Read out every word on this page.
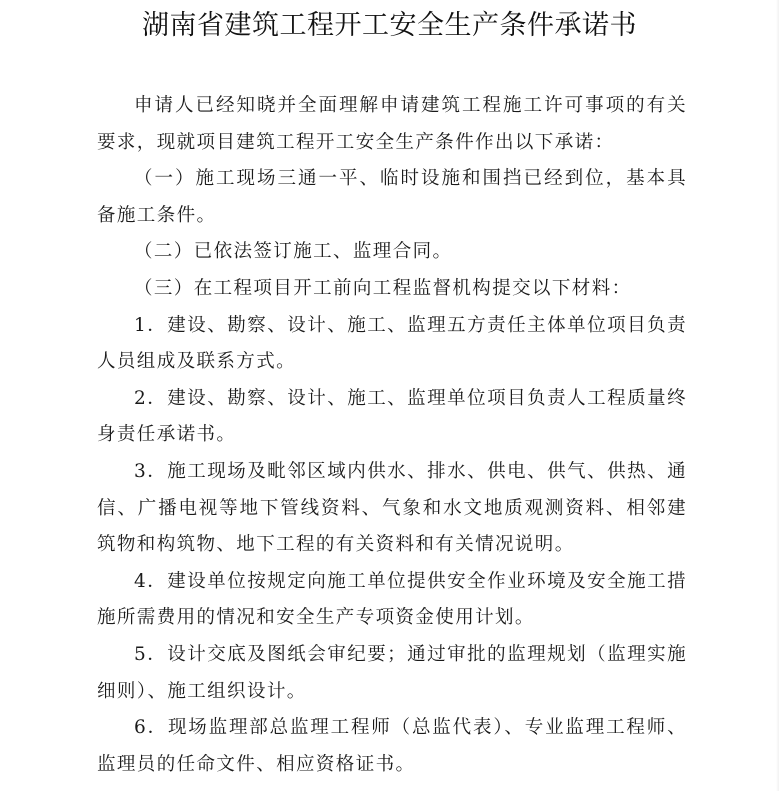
湖南省建筑工程开工安全生产条件承诺书

申请人已经知晓并全面理解申请建筑工程施工许可事项的有关要求，现就项目建筑工程开工安全生产条件作出以下承诺：

（一）施工现场三通一平、临时设施和围挡已经到位，基本具备施工条件。

（二）已依法签订施工、监理合同。

（三）在工程项目开工前向工程监督机构提交以下材料：

1．建设、勘察、设计、施工、监理五方责任主体单位项目负责人员组成及联系方式。

2．建设、勘察、设计、施工、监理单位项目负责人工程质量终身责任承诺书。

3．施工现场及毗邻区域内供水、排水、供电、供气、供热、通信、广播电视等地下管线资料、气象和水文地质观测资料、相邻建筑物和构筑物、地下工程的有关资料和有关情况说明。

4．建设单位按规定向施工单位提供安全作业环境及安全施工措施所需费用的情况和安全生产专项资金使用计划。

5．设计交底及图纸会审纪要；通过审批的监理规划（监理实施细则）、施工组织设计。

6．现场监理部总监理工程师（总监代表）、专业监理工程师、监理员的任命文件、相应资格证书。
